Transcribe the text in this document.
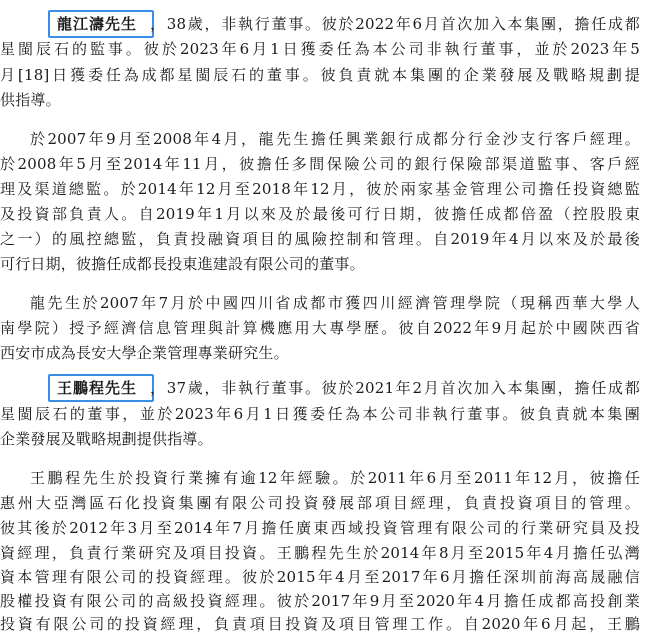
龍江濤先生 ，38歲，非執行董事。彼於2022年6月首次加入本集團，擔任成都
星閩辰石的監事。彼於2023年6月1日獲委任為本公司非執行董事，並於2023年5
月[18]日獲委任為成都星閩辰石的董事。彼負責就本集團的企業發展及戰略規劃提
供指導。
於2007年9月至2008年4月，龍先生擔任興業銀行成都分行金沙支行客戶經理。
於2008年5月至2014年11月，彼擔任多間保險公司的銀行保險部渠道監事、客戶經
理及渠道總監。於2014年12月至2018年12月，彼於兩家基金管理公司擔任投資總監
及投資部負責人。自2019年1月以來及於最後可行日期，彼擔任成都倍盈（控股股東
之一）的風控總監，負責投融資項目的風險控制和管理。自2019年4月以來及於最後
可行日期，彼擔任成都長投東進建設有限公司的董事。
龍先生於2007年7月於中國四川省成都市獲四川經濟管理學院（現稱西華大學人
南學院）授予經濟信息管理與計算機應用大專學歷。彼自2022年9月起於中國陝西省
西安市成為長安大學企業管理專業研究生。
王鵬程先生 ，37歲，非執行董事。彼於2021年2月首次加入本集團，擔任成都
星閩辰石的董事，並於2023年6月1日獲委任為本公司非執行董事。彼負責就本集團
企業發展及戰略規劃提供指導。
王鵬程先生於投資行業擁有逾12年經驗。於2011年6月至2011年12月，彼擔任
惠州大亞灣區石化投資集團有限公司投資發展部項目經理，負責投資項目的管理。
彼其後於2012年3月至2014年7月擔任廣東西域投資管理有限公司的行業研究員及投
資經理，負責行業研究及項目投資。王鵬程先生於2014年8月至2015年4月擔任弘灣
資本管理有限公司的投資經理。彼於2015年4月至2017年6月擔任深圳前海高晟融信
股權投資有限公司的高級投資經理。彼於2017年9月至2020年4月擔任成都高投創業
投資有限公司的投資經理，負責項目投資及項目管理工作。自2020年6月起，王鵬
